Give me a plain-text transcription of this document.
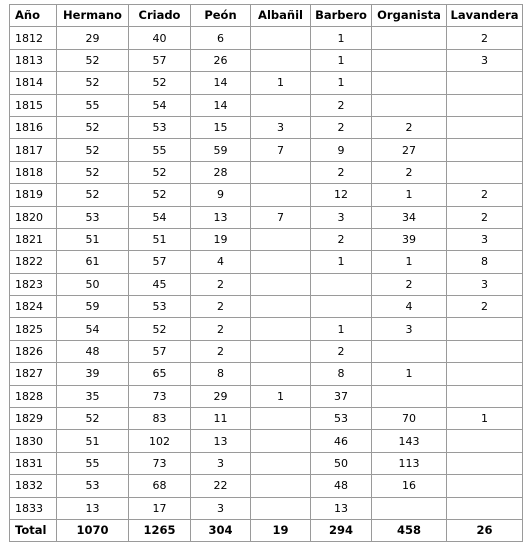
Año	Hermano	Criado	Peón	Albañil	Barbero	Organista	Lavandera
1812	29	40	6		1		2
1813	52	57	26		1		3
1814	52	52	14	1	1		
1815	55	54	14		2		
1816	52	53	15	3	2	2	
1817	52	55	59	7	9	27	
1818	52	52	28		2	2	
1819	52	52	9		12	1	2
1820	53	54	13	7	3	34	2
1821	51	51	19		2	39	3
1822	61	57	4		1	1	8
1823	50	45	2			2	3
1824	59	53	2			4	2
1825	54	52	2		1	3	
1826	48	57	2		2		
1827	39	65	8		8	1	
1828	35	73	29	1	37		
1829	52	83	11		53	70	1
1830	51	102	13		46	143	
1831	55	73	3		50	113	
1832	53	68	22		48	16	
1833	13	17	3		13		
Total	1070	1265	304	19	294	458	26
